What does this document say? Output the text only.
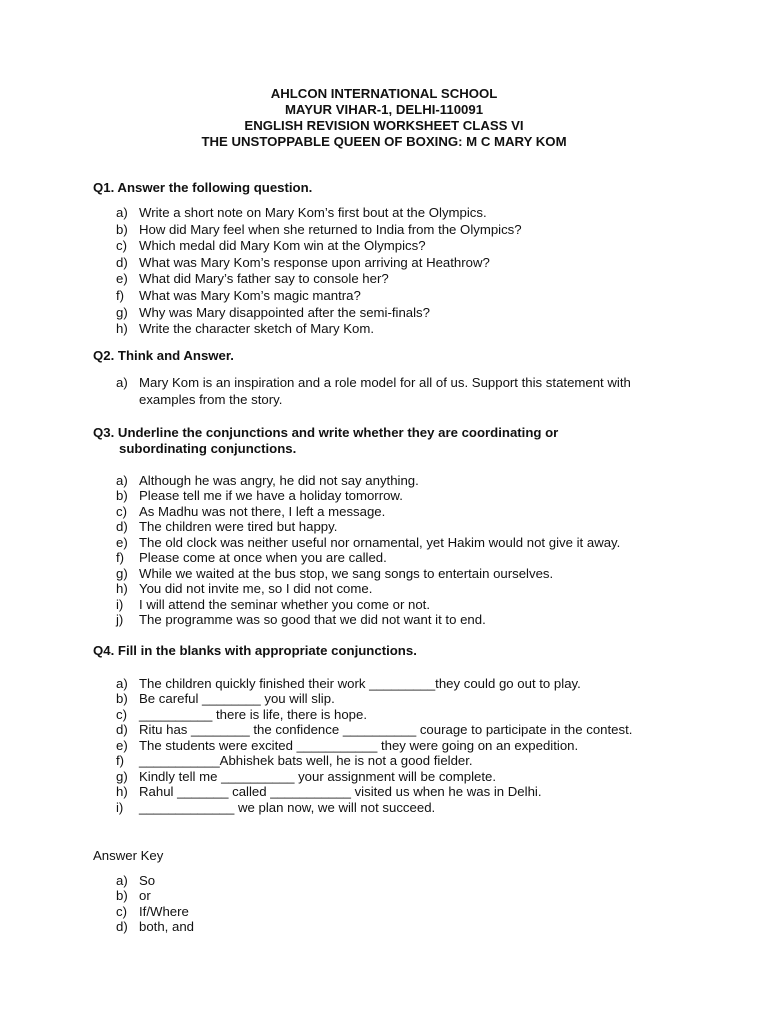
AHLCON INTERNATIONAL SCHOOL
MAYUR VIHAR-1, DELHI-110091
ENGLISH REVISION WORKSHEET CLASS VI
THE UNSTOPPABLE QUEEN OF BOXING: M C MARY KOM
Q1. Answer the following question.
a) Write a short note on Mary Kom’s first bout at the Olympics.
b) How did Mary feel when she returned to India from the Olympics?
c) Which medal did Mary Kom win at the Olympics?
d) What was Mary Kom’s response upon arriving at Heathrow?
e) What did Mary’s father say to console her?
f) What was Mary Kom’s magic mantra?
g) Why was Mary disappointed after the semi-finals?
h) Write the character sketch of Mary Kom.
Q2. Think and Answer.
a) Mary Kom is an inspiration and a role model for all of us. Support this statement with examples from the story.
Q3. Underline the conjunctions and write whether they are coordinating or
subordinating conjunctions.
a) Although he was angry, he did not say anything.
b) Please tell me if we have a holiday tomorrow.
c) As Madhu was not there, I left a message.
d) The children were tired but happy.
e) The old clock was neither useful nor ornamental, yet Hakim would not give it away.
f) Please come at once when you are called.
g) While we waited at the bus stop, we sang songs to entertain ourselves.
h) You did not invite me, so I did not come.
i) I will attend the seminar whether you come or not.
j) The programme was so good that we did not want it to end.
Q4. Fill in the blanks with appropriate conjunctions.
a) The children quickly finished their work _________they could go out to play.
b) Be careful ________ you will slip.
c) __________ there is life, there is hope.
d) Ritu has ________ the confidence __________ courage to participate in the contest.
e) The students were excited ___________ they were going on an expedition.
f) ___________Abhishek bats well, he is not a good fielder.
g) Kindly tell me __________ your assignment will be complete.
h) Rahul _______ called ___________ visited us when he was in Delhi.
i) _____________ we plan now, we will not succeed.
Answer Key
a) So
b) or
c) If/Where
d) both, and
